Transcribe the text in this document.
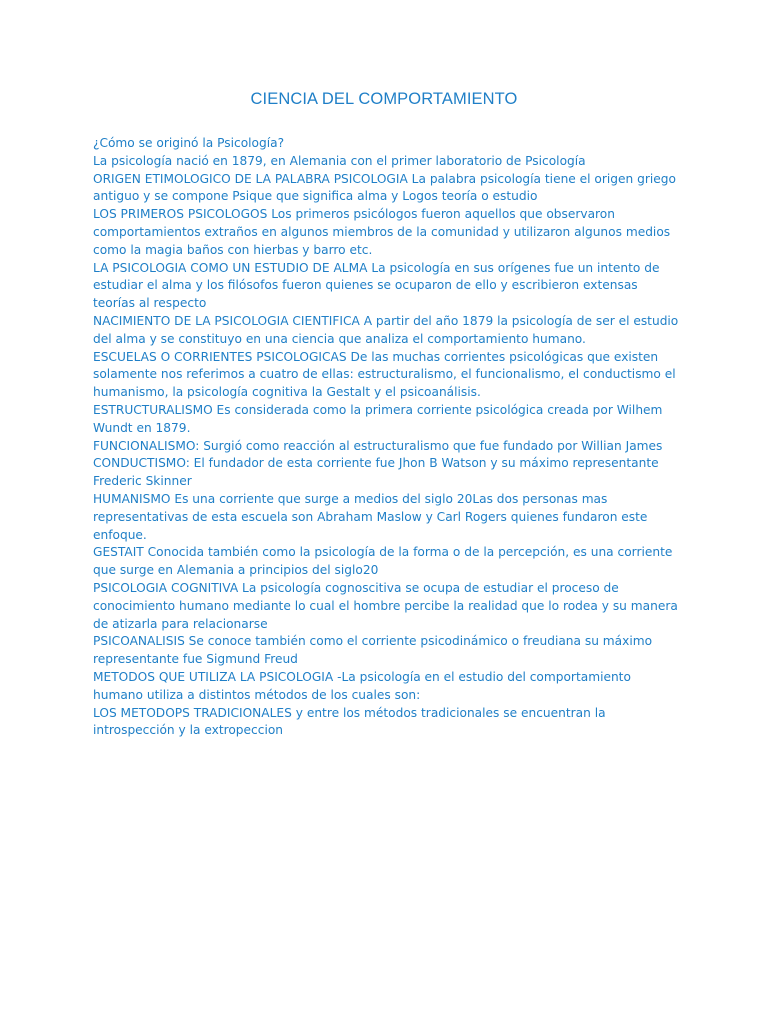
CIENCIA DEL COMPORTAMIENTO

¿Cómo se originó la Psicología?

La psicología nació en 1879, en Alemania con el primer laboratorio de Psicología

ORIGEN ETIMOLOGICO DE LA PALABRA PSICOLOGIA La palabra psicología tiene el origen griego antiguo y se compone Psique que significa alma y Logos teoría o estudio

LOS PRIMEROS PSICOLOGOS Los primeros psicólogos fueron aquellos que observaron comportamientos extraños en algunos miembros de la comunidad y utilizaron algunos medios como la magia baños con hierbas y barro etc.

LA PSICOLOGIA COMO UN ESTUDIO DE ALMA La psicología en sus orígenes fue un intento de estudiar el alma y los filósofos fueron quienes se ocuparon de ello y escribieron extensas teorías al respecto

NACIMIENTO DE LA PSICOLOGIA CIENTIFICA A partir del año 1879 la psicología de ser el estudio del alma y se constituyo en una ciencia que analiza el comportamiento humano.

ESCUELAS O CORRIENTES PSICOLOGICAS De las muchas corrientes psicológicas que existen solamente nos referimos a cuatro de ellas: estructuralismo, el funcionalismo, el conductismo el humanismo, la psicología cognitiva la Gestalt y el psicoanálisis.

ESTRUCTURALISMO Es considerada como la primera corriente psicológica creada por Wilhem Wundt en 1879.

FUNCIONALISMO: Surgió como reacción al estructuralismo que fue fundado por Willian James

CONDUCTISMO: El fundador de esta corriente fue Jhon B Watson y su máximo representante Frederic Skinner

HUMANISMO Es una corriente que surge a medios del siglo 20Las dos personas mas representativas de esta escuela son Abraham Maslow y Carl Rogers quienes fundaron este enfoque.

GESTAIT Conocida también como la psicología de la forma o de la percepción, es una corriente que surge en Alemania a principios del siglo20

PSICOLOGIA COGNITIVA La psicología cognoscitiva se ocupa de estudiar el proceso de conocimiento humano mediante lo cual el hombre percibe la realidad que lo rodea y su manera de atizarla para relacionarse

PSICOANALISIS Se conoce también como el corriente psicodinámico o freudiana su máximo representante fue Sigmund Freud

METODOS QUE UTILIZA LA PSICOLOGIA -La psicología en el estudio del comportamiento humano utiliza a distintos métodos de los cuales son:

LOS METODOPS TRADICIONALES y entre los métodos tradicionales se encuentran la introspección y la extropeccion
